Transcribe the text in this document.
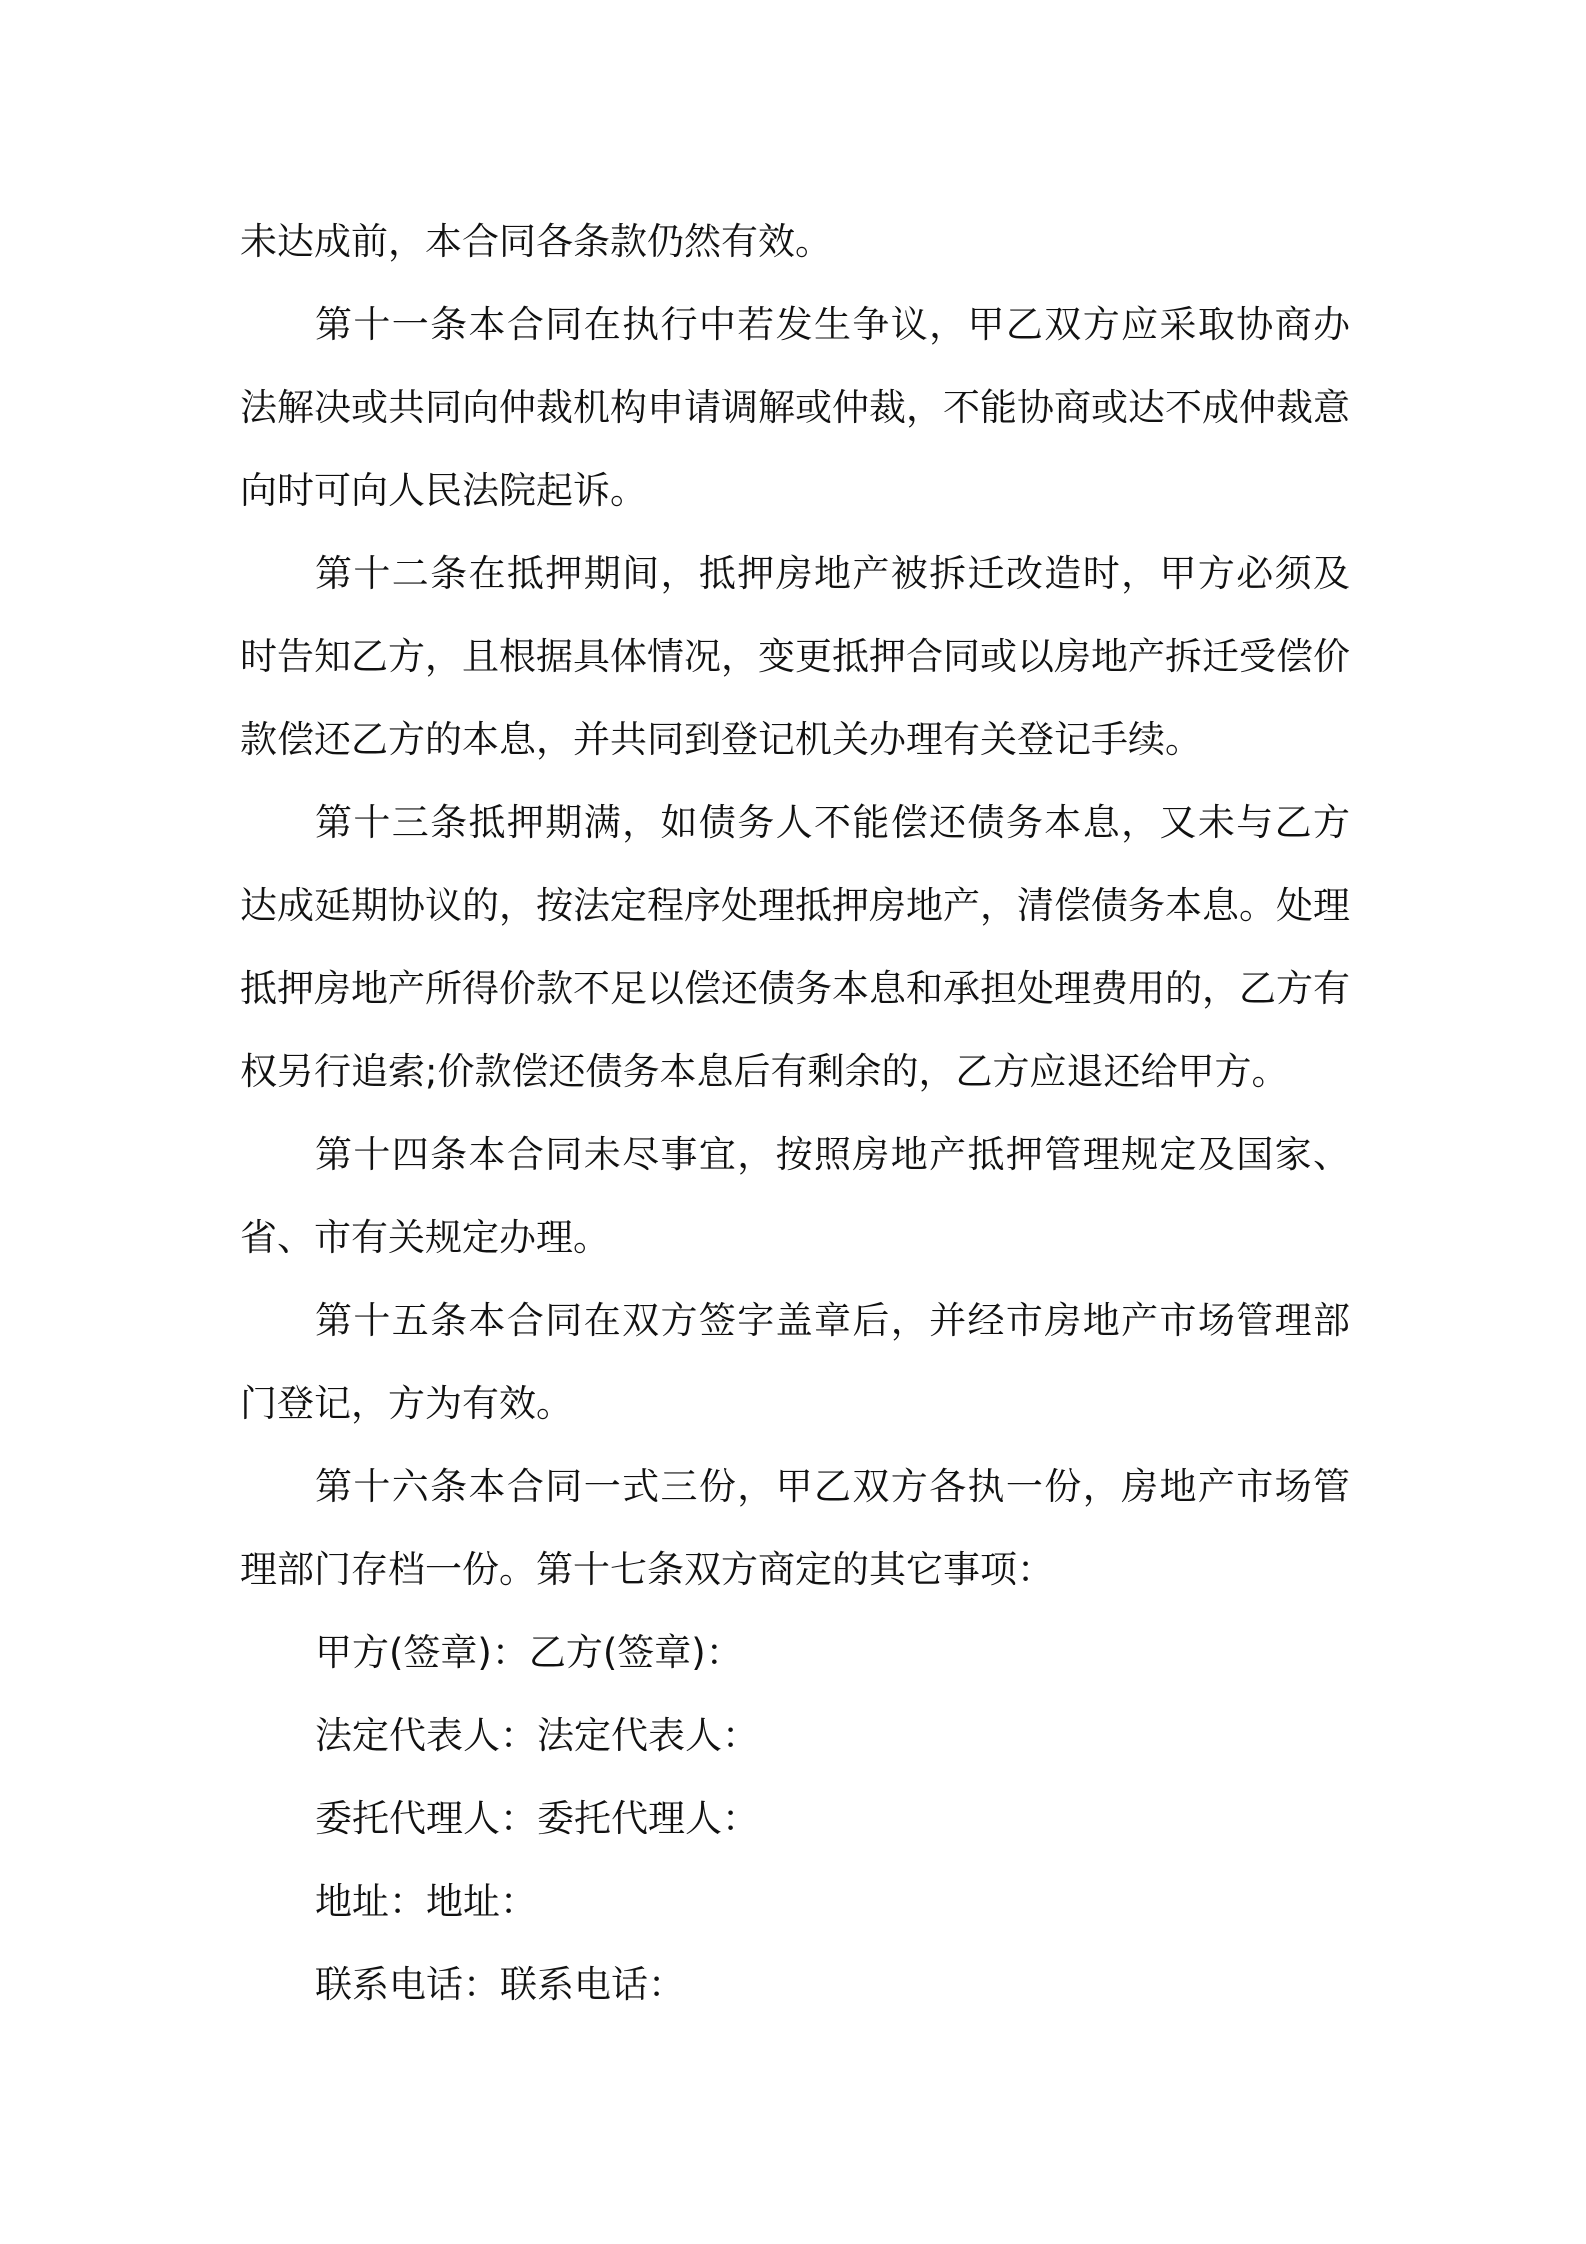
未达成前，本合同各条款仍然有效。

第十一条本合同在执行中若发生争议，甲乙双方应采取协商办法解决或共同向仲裁机构申请调解或仲裁，不能协商或达不成仲裁意向时可向人民法院起诉。

第十二条在抵押期间，抵押房地产被拆迁改造时，甲方必须及时告知乙方，且根据具体情况，变更抵押合同或以房地产拆迁受偿价款偿还乙方的本息，并共同到登记机关办理有关登记手续。

第十三条抵押期满，如债务人不能偿还债务本息，又未与乙方达成延期协议的，按法定程序处理抵押房地产，清偿债务本息。处理抵押房地产所得价款不足以偿还债务本息和承担处理费用的，乙方有权另行追索;价款偿还债务本息后有剩余的，乙方应退还给甲方。

第十四条本合同未尽事宜，按照房地产抵押管理规定及国家、省、市有关规定办理。

第十五条本合同在双方签字盖章后，并经市房地产市场管理部门登记，方为有效。

第十六条本合同一式三份，甲乙双方各执一份，房地产市场管理部门存档一份。第十七条双方商定的其它事项：

甲方(签章)：乙方(签章)：
法定代表人：法定代表人：
委托代理人：委托代理人：
地址：地址：
联系电话：联系电话：
